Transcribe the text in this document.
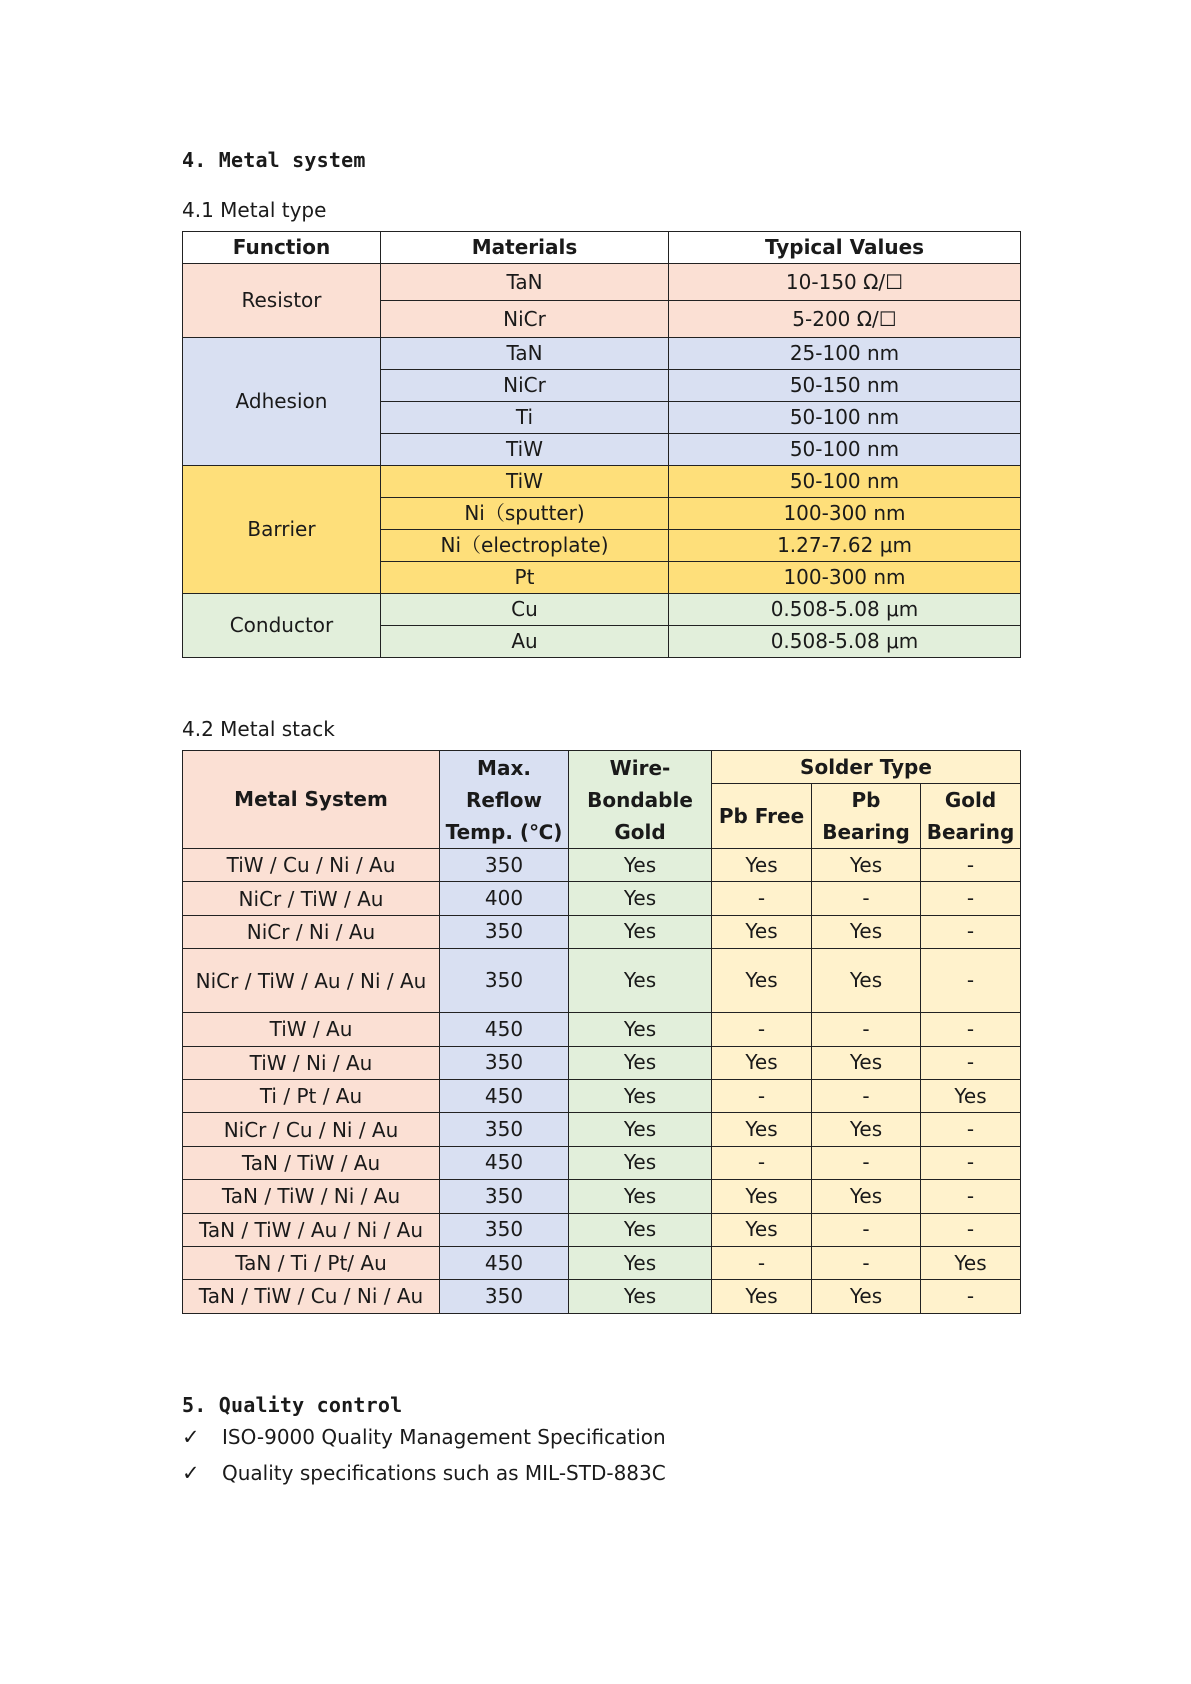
4. Metal system
4.1 Metal type
Function	Materials	Typical Values
Resistor	TaN	10-150 Ω/☐
	NiCr	5-200 Ω/☐
Adhesion	TaN	25-100 nm
	NiCr	50-150 nm
	Ti	50-100 nm
	TiW	50-100 nm
Barrier	TiW	50-100 nm
	Ni（sputter)	100-300 nm
	Ni（electroplate)	1.27-7.62 μm
	Pt	100-300 nm
Conductor	Cu	0.508-5.08 μm
	Au	0.508-5.08 μm
4.2 Metal stack
Metal System	Max. Reflow Temp. (℃)	Wire-Bondable Gold	Solder Type		
			Pb Free	Pb Bearing	Gold Bearing
TiW / Cu / Ni / Au	350	Yes	Yes	Yes	-
NiCr / TiW / Au	400	Yes	-	-	-
NiCr / Ni / Au	350	Yes	Yes	Yes	-
NiCr / TiW / Au / Ni / Au	350	Yes	Yes	Yes	-
TiW / Au	450	Yes	-	-	-
TiW / Ni / Au	350	Yes	Yes	Yes	-
Ti / Pt / Au	450	Yes	-	-	Yes
NiCr / Cu / Ni / Au	350	Yes	Yes	Yes	-
TaN / TiW / Au	450	Yes	-	-	-
TaN / TiW / Ni / Au	350	Yes	Yes	Yes	-
TaN / TiW / Au / Ni / Au	350	Yes	Yes	-	-
TaN / Ti / Pt/ Au	450	Yes	-	-	Yes
TaN / TiW / Cu / Ni / Au	350	Yes	Yes	Yes	-
5. Quality control
✓ ISO-9000 Quality Management Specification
✓ Quality specifications such as MIL-STD-883C
